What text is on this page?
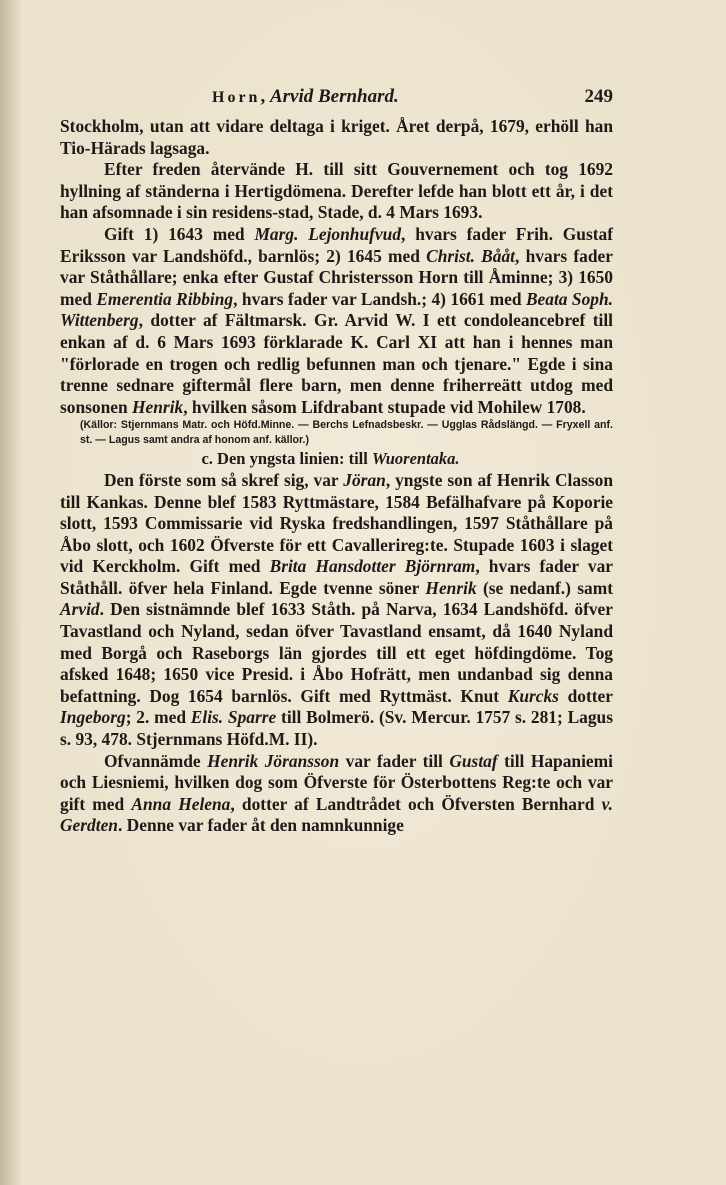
Horn, Arvid Bernhard.	249

Stockholm, utan att vidare deltaga i kriget. Året derpå, 1679, erhöll han Tio-Härads lagsaga.

Efter freden återvände H. till sitt Gouvernement och tog 1692 hyllning af ständerna i Hertigdömena. Derefter lefde han blott ett år, i det han afsomnade i sin residens-stad, Stade, d. 4 Mars 1693.

Gift 1) 1643 med Marg. Lejonhufvud, hvars fader Frih. Gustaf Eriksson var Landshöfd., barnlös; 2) 1645 med Christ. Bååt, hvars fader var Ståthållare; enka efter Gustaf Christersson Horn till Åminne; 3) 1650 med Emerentia Ribbing, hvars fader var Landsh.; 4) 1661 med Beata Soph. Wittenberg, dotter af Fältmarsk. Gr. Arvid W. I ett condoleancebref till enkan af d. 6 Mars 1693 förklarade K. Carl XI att han i hennes man "förlorade en trogen och redlig befunnen man och tjenare." Egde i sina trenne sednare giftermål flere barn, men denne friherreätt utdog med sonsonen Henrik, hvilken såsom Lifdrabant stupade vid Mohilew 1708.

(Källor: Stjernmans Matr. och Höfd.Minne. — Berchs Lefnadsbeskr. — Ugglas Rådslängd. — Fryxell anf. st. — Lagus samt andra af honom anf. källor.)

c. Den yngsta linien: till Wuorentaka.

Den förste som så skref sig, var Jöran, yngste son af Henrik Classon till Kankas. Denne blef 1583 Ryttmästare, 1584 Befälhafvare på Koporie slott, 1593 Commissarie vid Ryska fredshandlingen, 1597 Ståthållare på Åbo slott, och 1602 Öfverste för ett Cavallerireg:te. Stupade 1603 i slaget vid Kerckholm. Gift med Brita Hansdotter Björnram, hvars fader var Ståthåll. öfver hela Finland. Egde tvenne söner Henrik (se nedanf.) samt Arvid. Den sistnämnde blef 1633 Ståth. på Narva, 1634 Landshöfd. öfver Tavastland och Nyland, sedan öfver Tavastland ensamt, då 1640 Nyland med Borgå och Raseborgs län gjordes till ett eget höfdingdöme. Tog afsked 1648; 1650 vice Presid. i Åbo Hofrätt, men undanbad sig denna befattning. Dog 1654 barnlös. Gift med Ryttmäst. Knut Kurcks dotter Ingeborg; 2. med Elis. Sparre till Bolmerö. (Sv. Mercur. 1757 s. 281; Lagus s. 93, 478. Stjernmans Höfd.M. II).

Ofvannämde Henrik Jöransson var fader till Gustaf till Hapaniemi och Liesniemi, hvilken dog som Öfverste för Österbottens Reg:te och var gift med Anna Helena, dotter af Landtrådet och Öfversten Bernhard v. Gerdten. Denne var fader åt den namnkunnige
